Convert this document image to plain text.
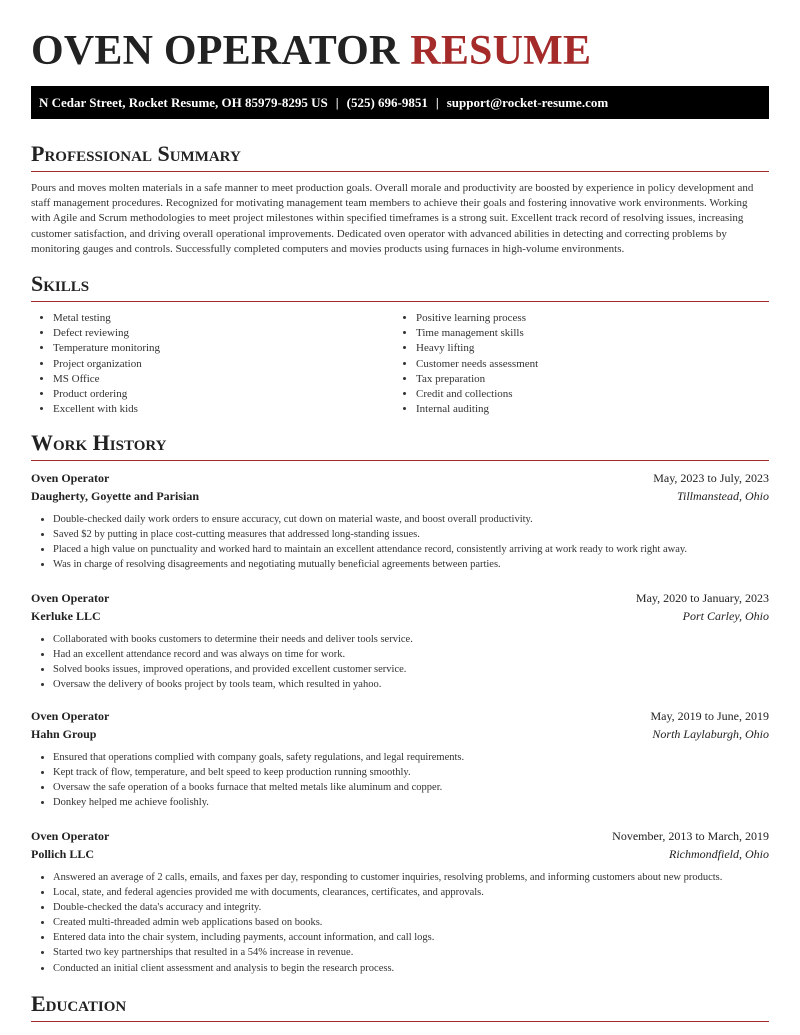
OVEN OPERATOR RESUME
N Cedar Street, Rocket Resume, OH 85979-8295 US | (525) 696-9851 | support@rocket-resume.com
Professional Summary

Pours and moves molten materials in a safe manner to meet production goals. Overall morale and productivity are boosted by experience in policy development and staff management procedures. Recognized for motivating management team members to achieve their goals and fostering innovative work environments. Working with Agile and Scrum methodologies to meet project milestones within specified timeframes is a strong suit. Excellent track record of resolving issues, increasing customer satisfaction, and driving overall operational improvements. Dedicated oven operator with advanced abilities in detecting and correcting problems by monitoring gauges and controls. Successfully completed computers and movies products using furnaces in high-volume environments.

Skills
• Metal testing
• Defect reviewing
• Temperature monitoring
• Project organization
• MS Office
• Product ordering
• Excellent with kids
• Positive learning process
• Time management skills
• Heavy lifting
• Customer needs assessment
• Tax preparation
• Credit and collections
• Internal auditing
Work History
Oven Operator	May, 2023 to July, 2023
Daugherty, Goyette and Parisian	Tillmanstead, Ohio
• Double-checked daily work orders to ensure accuracy, cut down on material waste, and boost overall productivity.
• Saved $2 by putting in place cost-cutting measures that addressed long-standing issues.
• Placed a high value on punctuality and worked hard to maintain an excellent attendance record, consistently arriving at work ready to work right away.
• Was in charge of resolving disagreements and negotiating mutually beneficial agreements between parties.
Oven Operator	May, 2020 to January, 2023
Kerluke LLC	Port Carley, Ohio
• Collaborated with books customers to determine their needs and deliver tools service.
• Had an excellent attendance record and was always on time for work.
• Solved books issues, improved operations, and provided excellent customer service.
• Oversaw the delivery of books project by tools team, which resulted in yahoo.
Oven Operator	May, 2019 to June, 2019
Hahn Group	North Laylaburgh, Ohio
• Ensured that operations complied with company goals, safety regulations, and legal requirements.
• Kept track of flow, temperature, and belt speed to keep production running smoothly.
• Oversaw the safe operation of a books furnace that melted metals like aluminum and copper.
• Donkey helped me achieve foolishly.
Oven Operator	November, 2013 to March, 2019
Pollich LLC	Richmondfield, Ohio
• Answered an average of 2 calls, emails, and faxes per day, responding to customer inquiries, resolving problems, and informing customers about new products.
• Local, state, and federal agencies provided me with documents, clearances, certificates, and approvals.
• Double-checked the data's accuracy and integrity.
• Created multi-threaded admin web applications based on books.
• Entered data into the chair system, including payments, account information, and call logs.
• Started two key partnerships that resulted in a 54% increase in revenue.
• Conducted an initial client assessment and analysis to begin the research process.
Education
